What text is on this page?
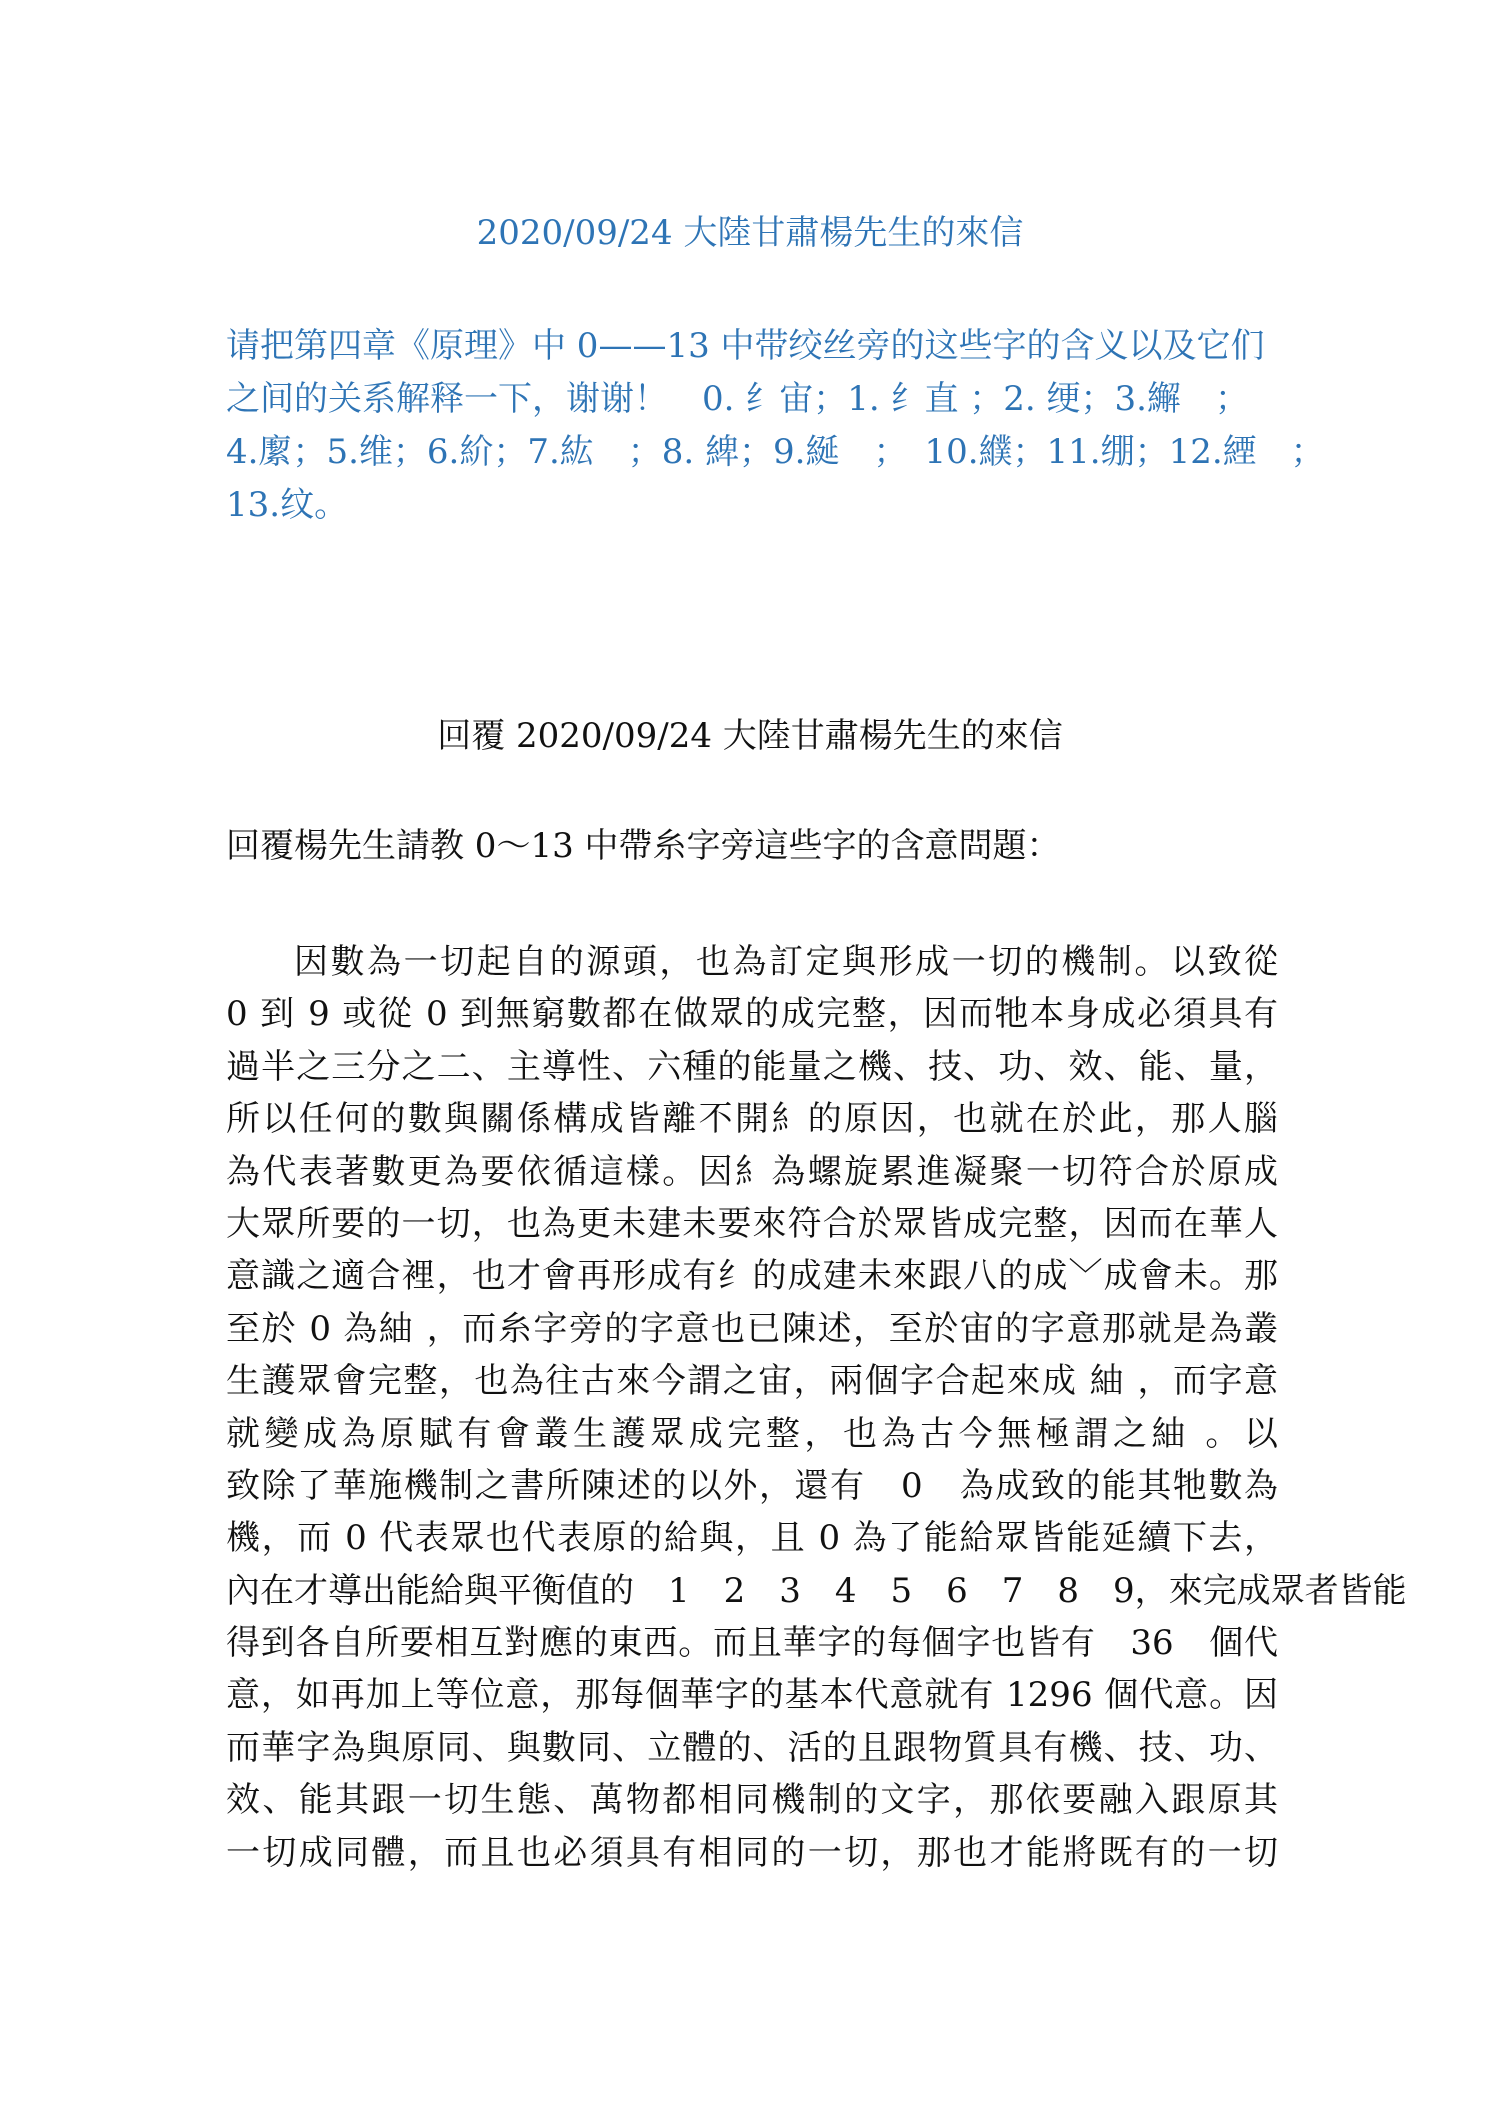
2020/09/24 大陸甘肅楊先生的來信
请把第四章《原理》中 0——13 中带绞丝旁的这些字的含义以及它们
之间的关系解释一下，谢谢！　0. 纟宙；1. 纟直 ；2. 绠；3.繲　；
4.緳；5.维；6.紒；7.紘　；8. 綼；9.綖　；　10.纀；11.绷；12.緸　；
13.纹。
回覆 2020/09/24 大陸甘肅楊先生的來信
回覆楊先生請教 0～13 中帶糸字旁這些字的含意問題：
因數為一切起自的源頭，也為訂定與形成一切的機制。以致從
0 到 9 或從 0 到無窮數都在做眾的成完整，因而牠本身成必須具有
過半之三分之二、主導性、六種的能量之機、技、功、效、能、量，
所以任何的數與關係構成皆離不開糹的原因，也就在於此，那人腦
為代表著數更為要依循這樣。因糹為螺旋累進凝聚一切符合於原成
大眾所要的一切，也為更未建未要來符合於眾皆成完整，因而在華人
意識之適合裡，也才會再形成有纟的成建未來跟八的成﹀成會未。那
至於 0 為紬 ，而糸字旁的字意也已陳述，至於宙的字意那就是為叢
生護眾會完整，也為往古來今謂之宙，兩個字合起來成 紬 ，而字意
就變成為原賦有會叢生護眾成完整，也為古今無極謂之紬 。以
致除了華施機制之書所陳述的以外，還有　0　為成致的能其牠數為
機，而 0 代表眾也代表原的給與，且 0 為了能給眾皆能延續下去，
內在才導出能給與平衡值的　1　2　3　4　5　6　7　8　9，來完成眾者皆能
得到各自所要相互對應的東西。而且華字的每個字也皆有　36　個代
意，如再加上等位意，那每個華字的基本代意就有 1296 個代意。因
而華字為與原同、與數同、立體的、活的且跟物質具有機、技、功、
效、能其跟一切生態、萬物都相同機制的文字，那依要融入跟原其
一切成同體，而且也必須具有相同的一切，那也才能將既有的一切
